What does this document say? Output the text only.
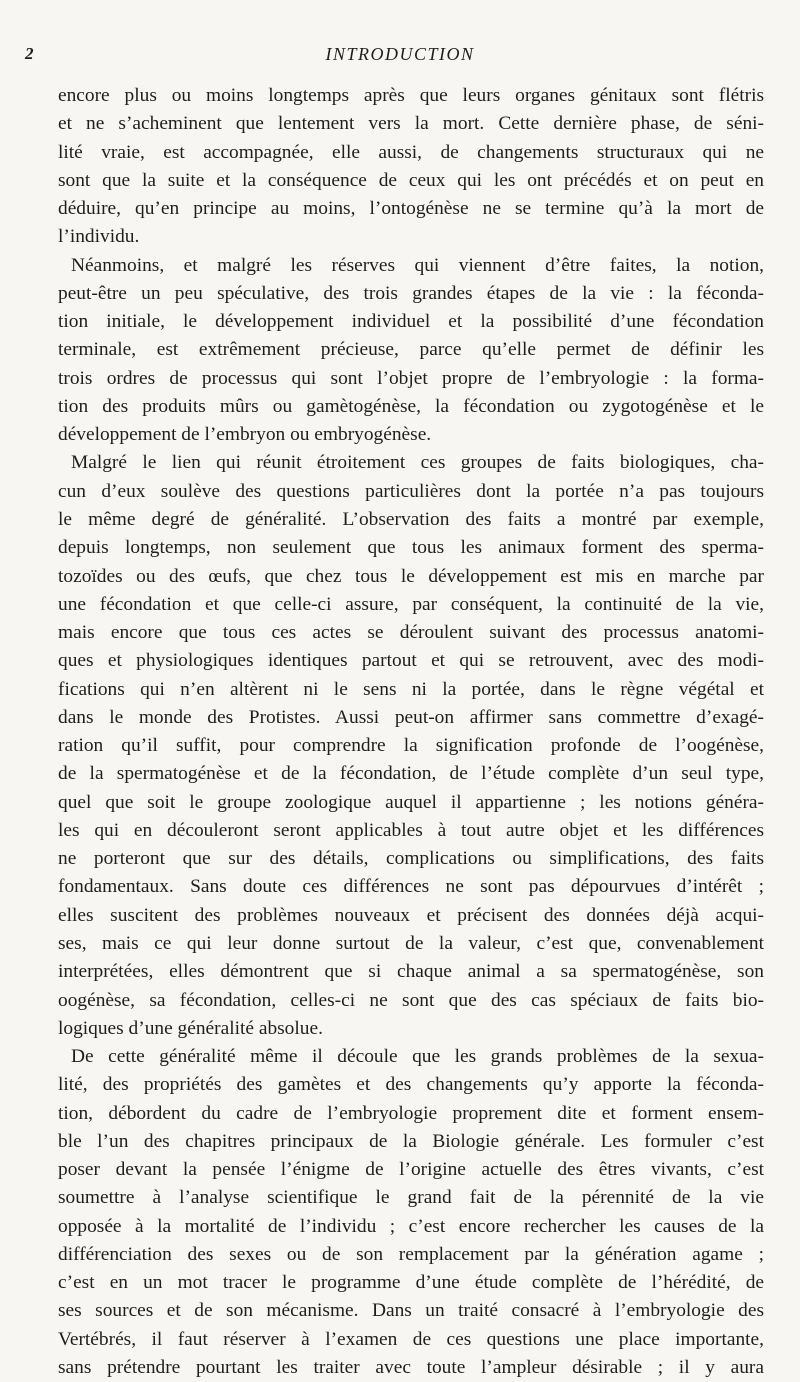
2	INTRODUCTION
encore plus ou moins longtemps après que leurs organes génitaux sont flétris
et ne s’acheminent que lentement vers la mort. Cette dernière phase, de séni-
lité vraie, est accompagnée, elle aussi, de changements structuraux qui ne
sont que la suite et la conséquence de ceux qui les ont précédés et on peut en
déduire, qu’en principe au moins, l’ontogénèse ne se termine qu’à la mort de
l’individu.
Néanmoins, et malgré les réserves qui viennent d’être faites, la notion,
peut-être un peu spéculative, des trois grandes étapes de la vie : la féconda-
tion initiale, le développement individuel et la possibilité d’une fécondation
terminale, est extrêmement précieuse, parce qu’elle permet de définir les
trois ordres de processus qui sont l’objet propre de l’embryologie : la forma-
tion des produits mûrs ou gamètogénèse, la fécondation ou zygotogénèse et le
développement de l’embryon ou embryogénèse.
Malgré le lien qui réunit étroitement ces groupes de faits biologiques, cha-
cun d’eux soulève des questions particulières dont la portée n’a pas toujours
le même degré de généralité. L’observation des faits a montré par exemple,
depuis longtemps, non seulement que tous les animaux forment des sperma-
tozoïdes ou des œufs, que chez tous le développement est mis en marche par
une fécondation et que celle-ci assure, par conséquent, la continuité de la vie,
mais encore que tous ces actes se déroulent suivant des processus anatomi-
ques et physiologiques identiques partout et qui se retrouvent, avec des modi-
fications qui n’en altèrent ni le sens ni la portée, dans le règne végétal et
dans le monde des Protistes. Aussi peut-on affirmer sans commettre d’exagé-
ration qu’il suffit, pour comprendre la signification profonde de l’oogénèse,
de la spermatogénèse et de la fécondation, de l’étude complète d’un seul type,
quel que soit le groupe zoologique auquel il appartienne ; les notions généra-
les qui en découleront seront applicables à tout autre objet et les différences
ne porteront que sur des détails, complications ou simplifications, des faits
fondamentaux. Sans doute ces différences ne sont pas dépourvues d’intérêt ;
elles suscitent des problèmes nouveaux et précisent des données déjà acqui-
ses, mais ce qui leur donne surtout de la valeur, c’est que, convenablement
interprétées, elles démontrent que si chaque animal a sa spermatogénèse, son
oogénèse, sa fécondation, celles-ci ne sont que des cas spéciaux de faits bio-
logiques d’une généralité absolue.
De cette généralité même il découle que les grands problèmes de la sexua-
lité, des propriétés des gamètes et des changements qu’y apporte la féconda-
tion, débordent du cadre de l’embryologie proprement dite et forment ensem-
ble l’un des chapitres principaux de la Biologie générale. Les formuler c’est
poser devant la pensée l’énigme de l’origine actuelle des êtres vivants, c’est
soumettre à l’analyse scientifique le grand fait de la pérennité de la vie
opposée à la mortalité de l’individu ; c’est encore rechercher les causes de la
différenciation des sexes ou de son remplacement par la génération agame ;
c’est en un mot tracer le programme d’une étude complète de l’hérédité, de
ses sources et de son mécanisme. Dans un traité consacré à l’embryologie des
Vertébrés, il faut réserver à l’examen de ces questions une place importante,
sans prétendre pourtant les traiter avec toute l’ampleur désirable ; il y aura
